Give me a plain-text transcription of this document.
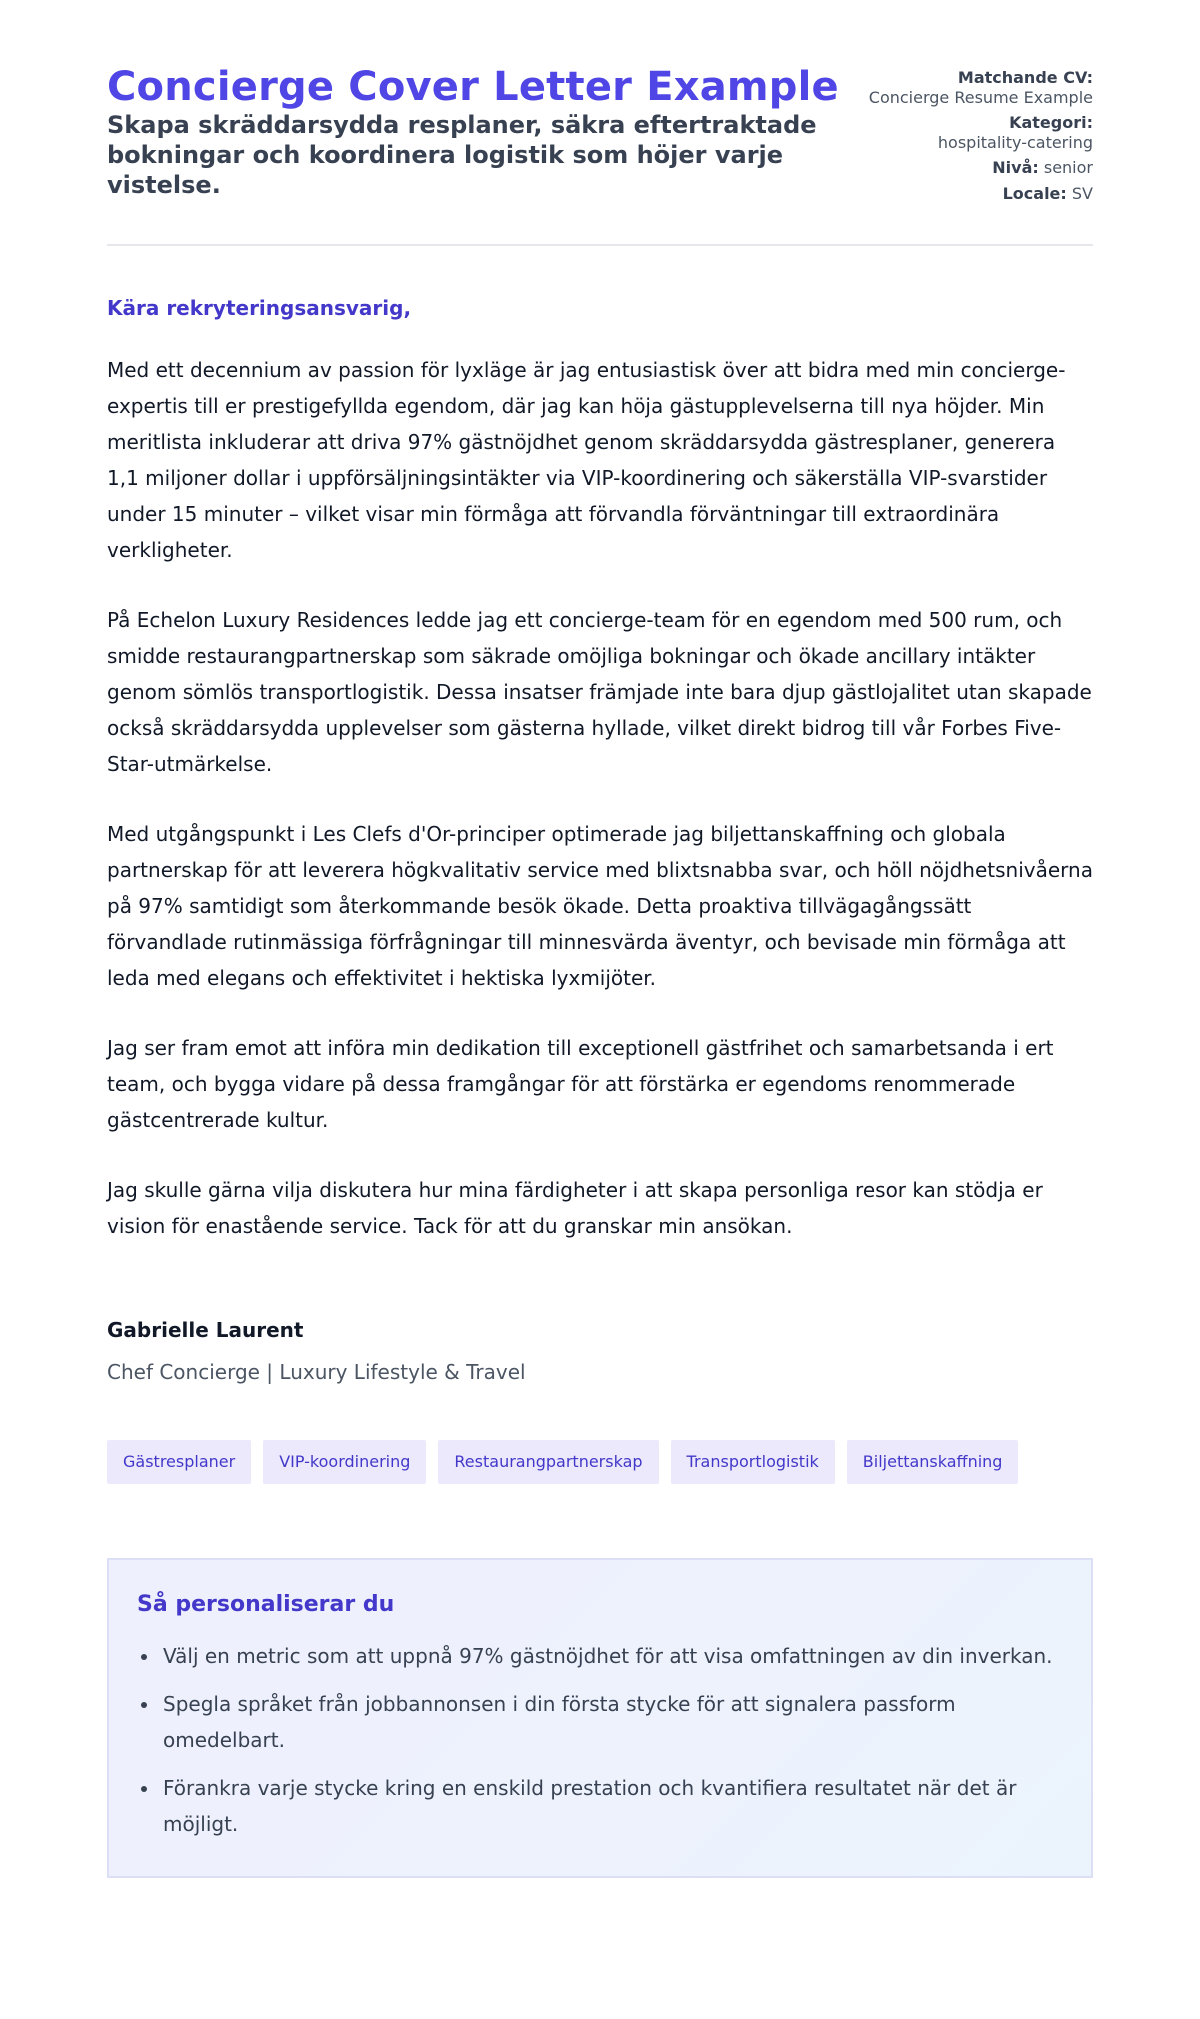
Concierge Cover Letter Example
Skapa skräddarsydda resplaner, säkra eftertraktade bokningar och koordinera logistik som höjer varje vistelse.
Matchande CV:
Concierge Resume Example
Kategori:
hospitality-catering
Nivå: senior
Locale: SV

Kära rekryteringsansvarig,

Med ett decennium av passion för lyxläge är jag entusiastisk över att bidra med min concierge-expertis till er prestigefyllda egendom, där jag kan höja gästupplevelserna till nya höjder. Min meritlista inkluderar att driva 97% gästnöjdhet genom skräddarsydda gästresplaner, generera 1,1 miljoner dollar i uppförsäljningsintäkter via VIP-koordinering och säkerställa VIP-svarstider under 15 minuter – vilket visar min förmåga att förvandla förväntningar till extraordinära verkligheter.

På Echelon Luxury Residences ledde jag ett concierge-team för en egendom med 500 rum, och smidde restaurangpartnerskap som säkrade omöjliga bokningar och ökade ancillary intäkter genom sömlös transportlogistik. Dessa insatser främjade inte bara djup gästlojalitet utan skapade också skräddarsydda upplevelser som gästerna hyllade, vilket direkt bidrog till vår Forbes Five-Star-utmärkelse.

Med utgångspunkt i Les Clefs d'Or-principer optimerade jag biljettanskaffning och globala partnerskap för att leverera högkvalitativ service med blixtsnabba svar, och höll nöjdhetsnivåerna på 97% samtidigt som återkommande besök ökade. Detta proaktiva tillvägagångssätt förvandlade rutinmässiga förfrågningar till minnesvärda äventyr, och bevisade min förmåga att leda med elegans och effektivitet i hektiska lyxmijöter.

Jag ser fram emot att införa min dedikation till exceptionell gästfrihet och samarbetsanda i ert team, och bygga vidare på dessa framgångar för att förstärka er egendoms renommerade gästcentrerade kultur.

Jag skulle gärna vilja diskutera hur mina färdigheter i att skapa personliga resor kan stödja er vision för enastående service. Tack för att du granskar min ansökan.

Gabrielle Laurent
Chef Concierge | Luxury Lifestyle & Travel
Gästresplaner	VIP-koordinering	Restaurangpartnerskap	Transportlogistik	Biljettanskaffning
Så personaliserar du
Välj en metric som att uppnå 97% gästnöjdhet för att visa omfattningen av din inverkan.
Spegla språket från jobbannonsen i din första stycke för att signalera passform omedelbart.
Förankra varje stycke kring en enskild prestation och kvantifiera resultatet när det är möjligt.
